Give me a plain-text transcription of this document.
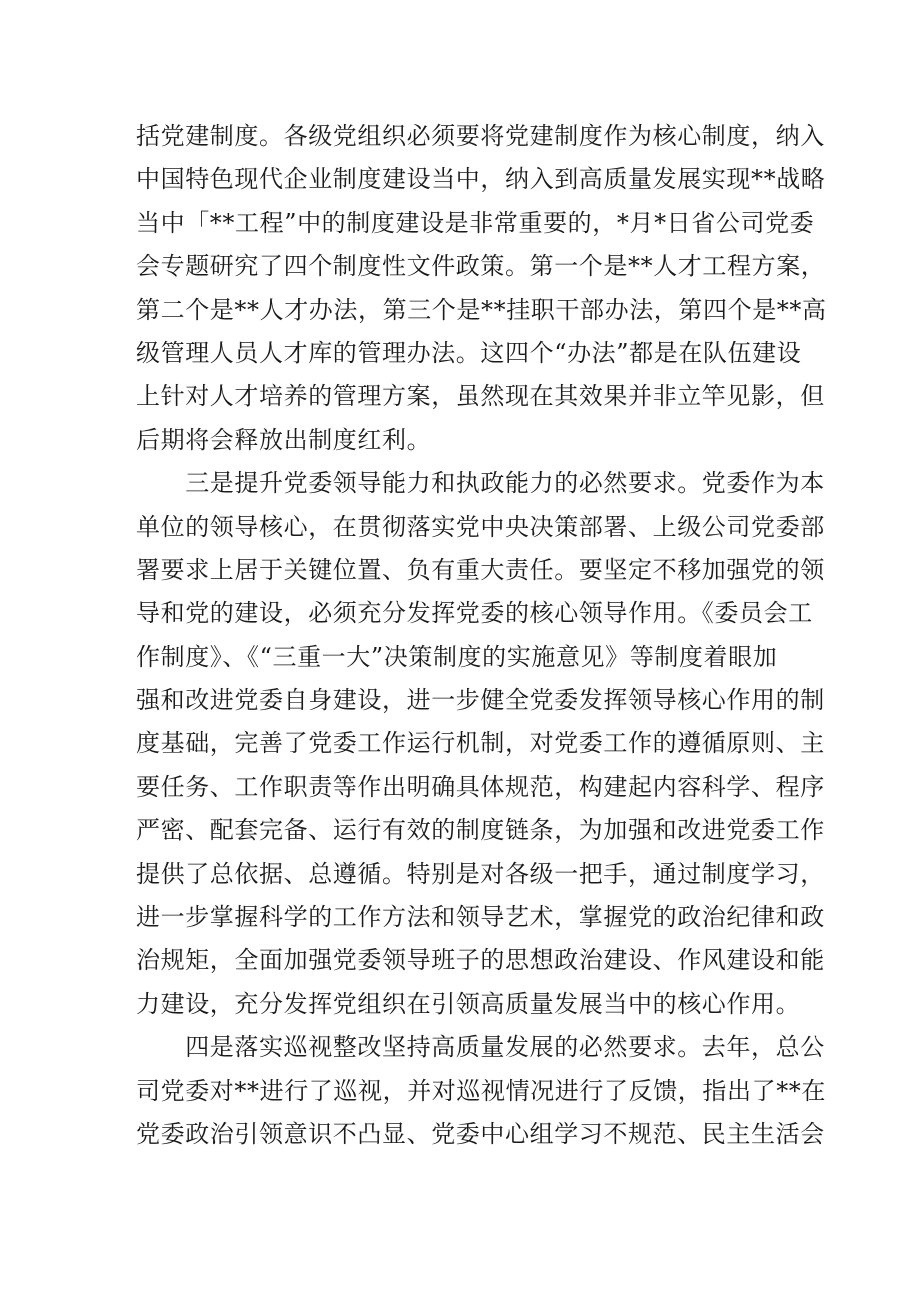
括党建制度。各级党组织必须要将党建制度作为核心制度，纳入
中国特色现代企业制度建设当中，纳入到高质量发展实现**战略
当中「**工程”中的制度建设是非常重要的，*月*日省公司党委
会专题研究了四个制度性文件政策。第一个是**人才工程方案，
第二个是**人才办法，第三个是**挂职干部办法，第四个是**高
级管理人员人才库的管理办法。这四个“办法”都是在队伍建设
上针对人才培养的管理方案，虽然现在其效果并非立竿见影，但
后期将会释放出制度红利。
　　三是提升党委领导能力和执政能力的必然要求。党委作为本
单位的领导核心，在贯彻落实党中央决策部署、上级公司党委部
署要求上居于关键位置、负有重大责任。要坚定不移加强党的领
导和党的建设，必须充分发挥党委的核心领导作用。《委员会工
作制度》、《“三重一大”决策制度的实施意见》等制度着眼加
强和改进党委自身建设，进一步健全党委发挥领导核心作用的制
度基础，完善了党委工作运行机制，对党委工作的遵循原则、主
要任务、工作职责等作出明确具体规范，构建起内容科学、程序
严密、配套完备、运行有效的制度链条，为加强和改进党委工作
提供了总依据、总遵循。特别是对各级一把手，通过制度学习，
进一步掌握科学的工作方法和领导艺术，掌握党的政治纪律和政
治规矩，全面加强党委领导班子的思想政治建设、作风建设和能
力建设，充分发挥党组织在引领高质量发展当中的核心作用。
　　四是落实巡视整改坚持高质量发展的必然要求。去年，总公
司党委对**进行了巡视，并对巡视情况进行了反馈，指出了**在
党委政治引领意识不凸显、党委中心组学习不规范、民主生活会
